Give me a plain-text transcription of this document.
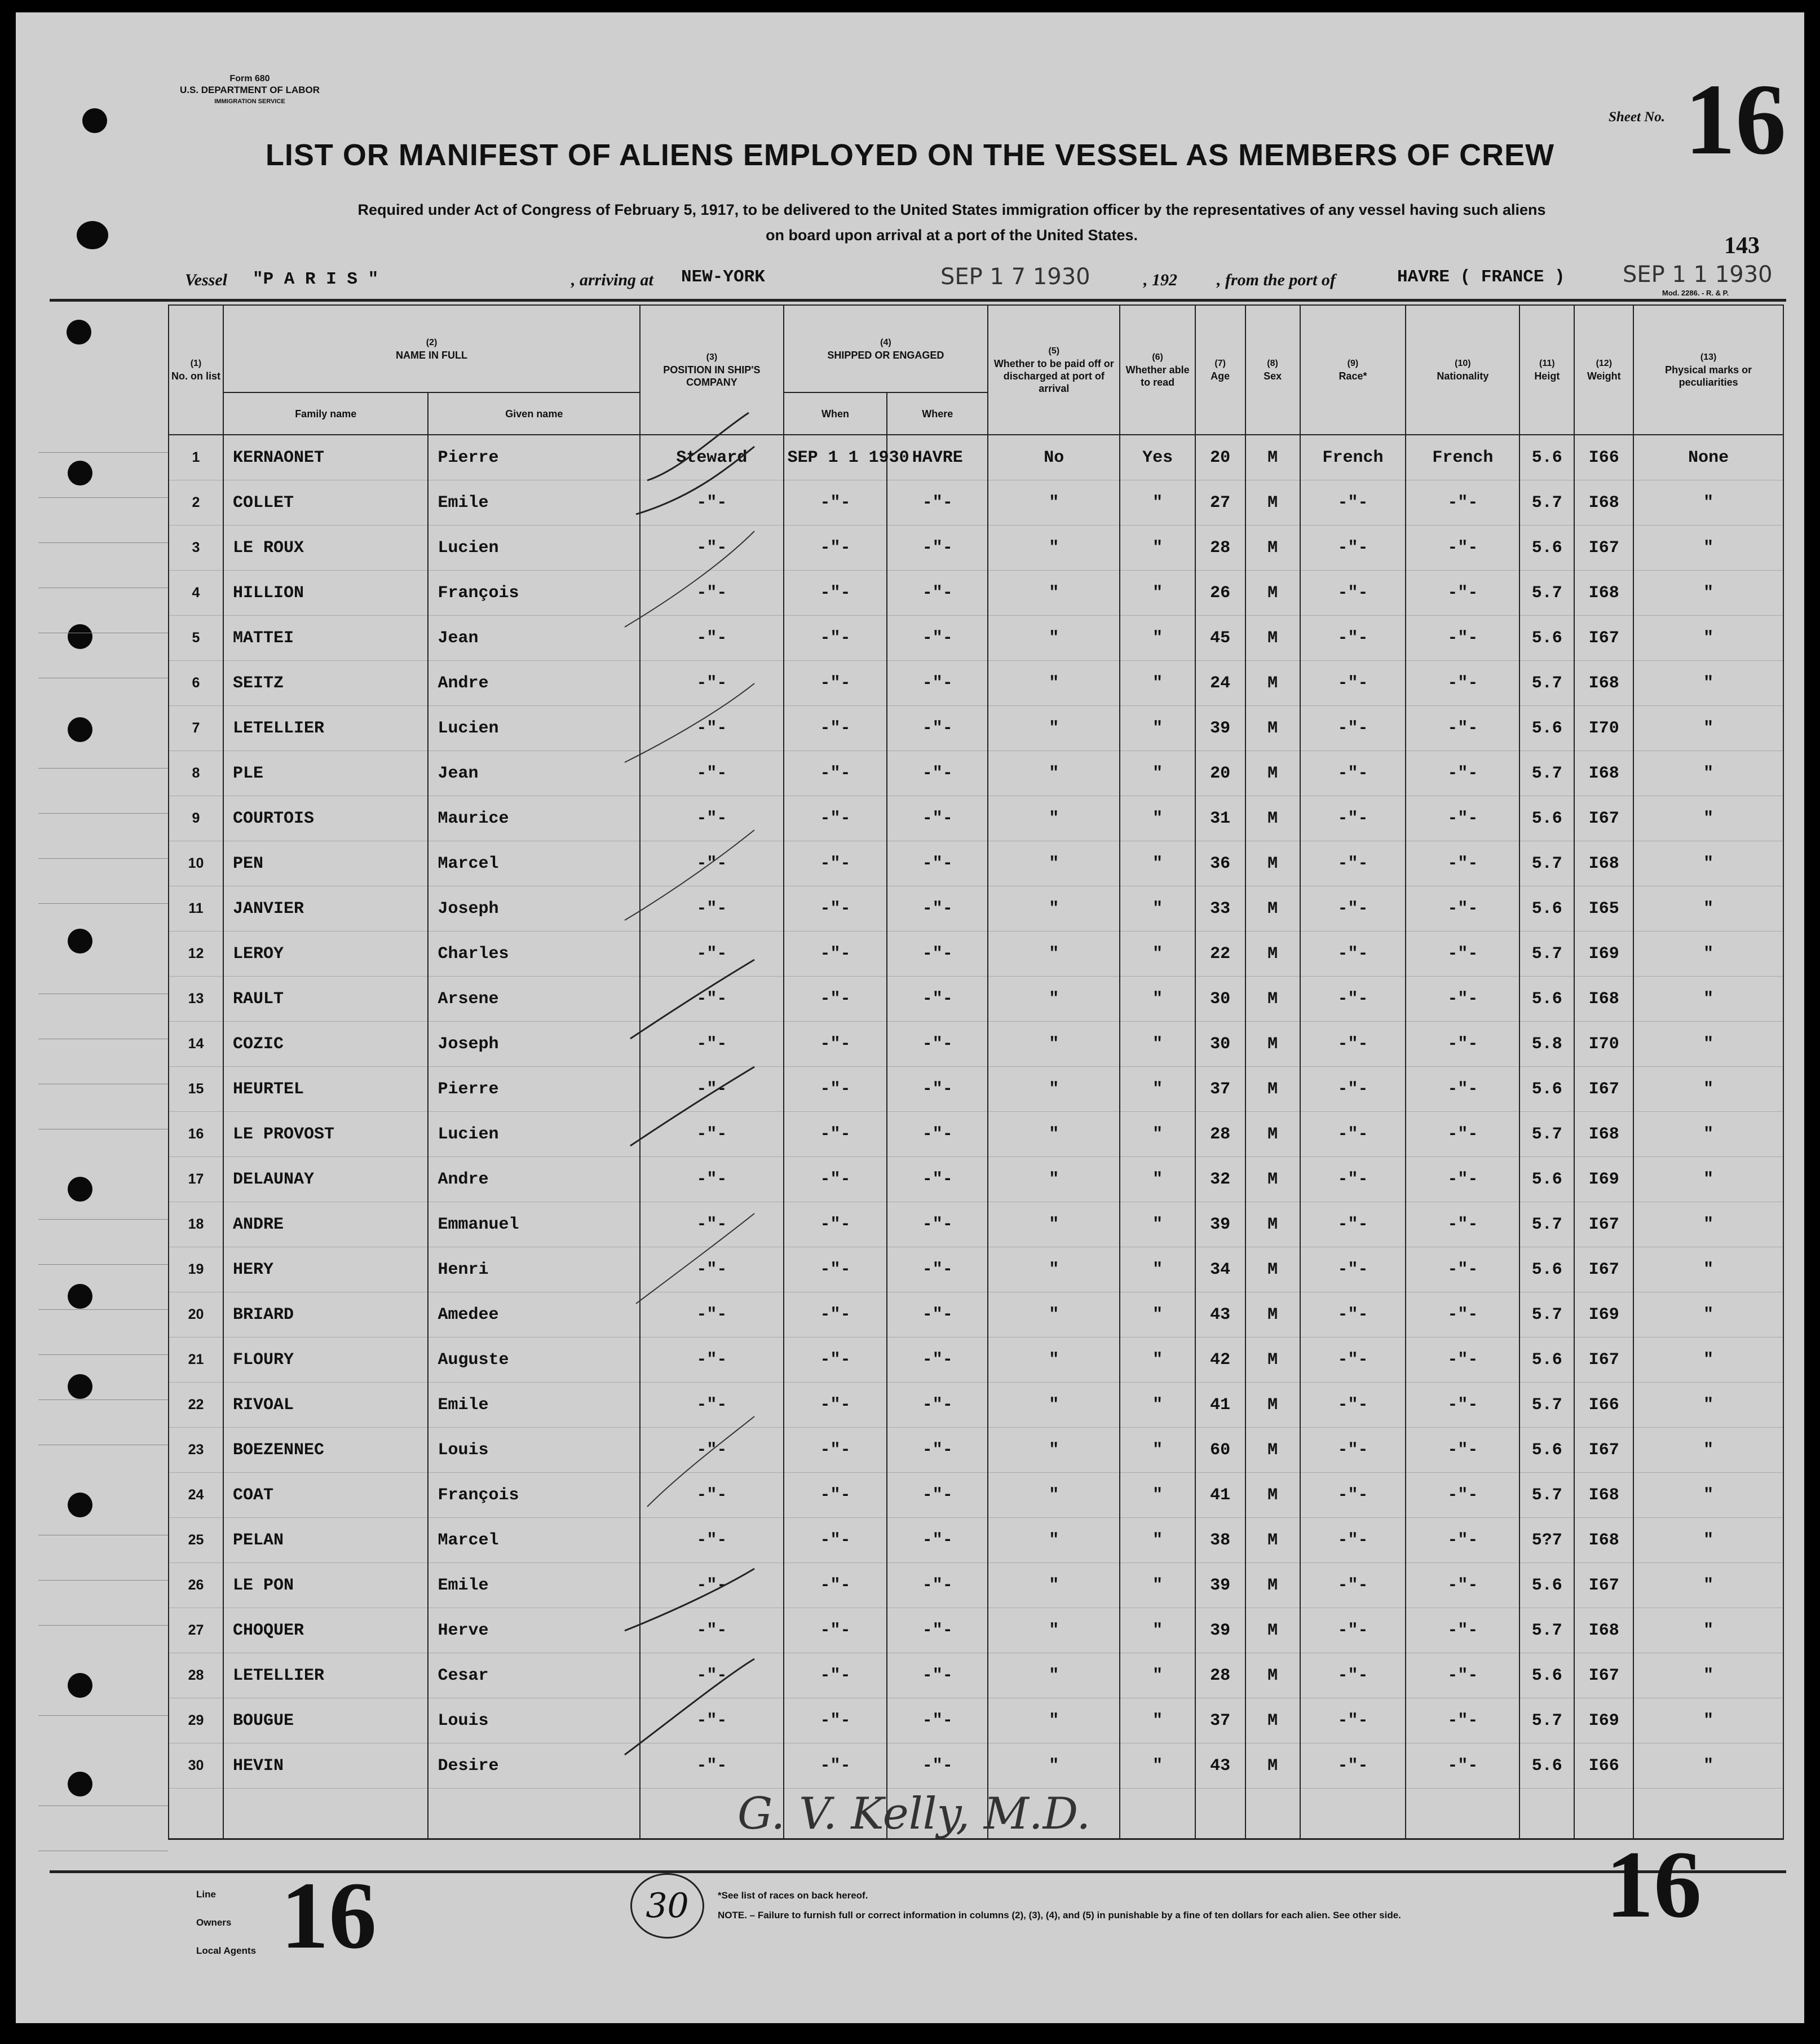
Form 680
U.S. DEPARTMENT OF LABOR
IMMIGRATION SERVICE
Sheet No. 16
LIST OR MANIFEST OF ALIENS EMPLOYED ON THE VESSEL AS MEMBERS OF CREW
Required under Act of Congress of February 5, 1917, to be delivered to the United States immigration officer by the representatives of any vessel having such aliens
on board upon arrival at a port of the United States.	143
Vessel "P A R I S "	, arriving at NEW-YORK	SEP 1 7 1930	, 192 , from the port of	HAVRE ( FRANCE )	SEP 1 1 1930
Mod. 2286. - R. & P.
(1)
No. on list	(2)
NAME IN FULL		(3)
POSITION IN SHIP'S COMPANY	(4)
SHIPPED OR ENGAGED		(5)
Whether to be paid off or discharged at port of arrival	(6)
Whether able to read	(7)
Age	(8)
Sex	(9)
Race*	(10)
Nationality	(11)
Heigt	(12)
Weight	(13)
Physical marks or peculiarities
	Family name	Given name		When	Where									
1	KERNAONET	Pierre	Steward	SEP 1 1 1930	HAVRE	No	Yes	20	M	French	French	5.6	I66	None
2	COLLET	Emile	-"-	-"-	-"-	"	"	27	M	-"-	-"-	5.7	I68	"
3	LE ROUX	Lucien	-"-	-"-	-"-	"	"	28	M	-"-	-"-	5.6	I67	"
4	HILLION	François	-"-	-"-	-"-	"	"	26	M	-"-	-"-	5.7	I68	"
5	MATTEI	Jean	-"-	-"-	-"-	"	"	45	M	-"-	-"-	5.6	I67	"
6	SEITZ	Andre	-"-	-"-	-"-	"	"	24	M	-"-	-"-	5.7	I68	"
7	LETELLIER	Lucien	-"-	-"-	-"-	"	"	39	M	-"-	-"-	5.6	I70	"
8	PLE	Jean	-"-	-"-	-"-	"	"	20	M	-"-	-"-	5.7	I68	"
9	COURTOIS	Maurice	-"-	-"-	-"-	"	"	31	M	-"-	-"-	5.6	I67	"
10	PEN	Marcel	-"-	-"-	-"-	"	"	36	M	-"-	-"-	5.7	I68	"
11	JANVIER	Joseph	-"-	-"-	-"-	"	"	33	M	-"-	-"-	5.6	I65	"
12	LEROY	Charles	-"-	-"-	-"-	"	"	22	M	-"-	-"-	5.7	I69	"
13	RAULT	Arsene	-"-	-"-	-"-	"	"	30	M	-"-	-"-	5.6	I68	"
14	COZIC	Joseph	-"-	-"-	-"-	"	"	30	M	-"-	-"-	5.8	I70	"
15	HEURTEL	Pierre	-"-	-"-	-"-	"	"	37	M	-"-	-"-	5.6	I67	"
16	LE PROVOST	Lucien	-"-	-"-	-"-	"	"	28	M	-"-	-"-	5.7	I68	"
17	DELAUNAY	Andre	-"-	-"-	-"-	"	"	32	M	-"-	-"-	5.6	I69	"
18	ANDRE	Emmanuel	-"-	-"-	-"-	"	"	39	M	-"-	-"-	5.7	I67	"
19	HERY	Henri	-"-	-"-	-"-	"	"	34	M	-"-	-"-	5.6	I67	"
20	BRIARD	Amedee	-"-	-"-	-"-	"	"	43	M	-"-	-"-	5.7	I69	"
21	FLOURY	Auguste	-"-	-"-	-"-	"	"	42	M	-"-	-"-	5.6	I67	"
22	RIVOAL	Emile	-"-	-"-	-"-	"	"	41	M	-"-	-"-	5.7	I66	"
23	BOEZENNEC	Louis	-"-	-"-	-"-	"	"	60	M	-"-	-"-	5.6	I67	"
24	COAT	François	-"-	-"-	-"-	"	"	41	M	-"-	-"-	5.7	I68	"
25	PELAN	Marcel	-"-	-"-	-"-	"	"	38	M	-"-	-"-	5?7	I68	"
26	LE PON	Emile	-"-	-"-	-"-	"	"	39	M	-"-	-"-	5.6	I67	"
27	CHOQUER	Herve	-"-	-"-	-"-	"	"	39	M	-"-	-"-	5.7	I68	"
28	LETELLIER	Cesar	-"-	-"-	-"-	"	"	28	M	-"-	-"-	5.6	I67	"
29	BOUGUE	Louis	-"-	-"-	-"-	"	"	37	M	-"-	-"-	5.7	I69	"
30	HEVIN	Desire	-"-	-"-	-"-	"	"	43	M	-"-	-"-	5.6	I66	"

G. V. Kelly, M.D.
Line
Owners
Local Agents 16	30	*See list of races on back hereof.
NOTE. – Failure to furnish full or correct information in columns (2), (3), (4), and (5) in punishable by a fine of ten dollars for each alien. See other side.	16
